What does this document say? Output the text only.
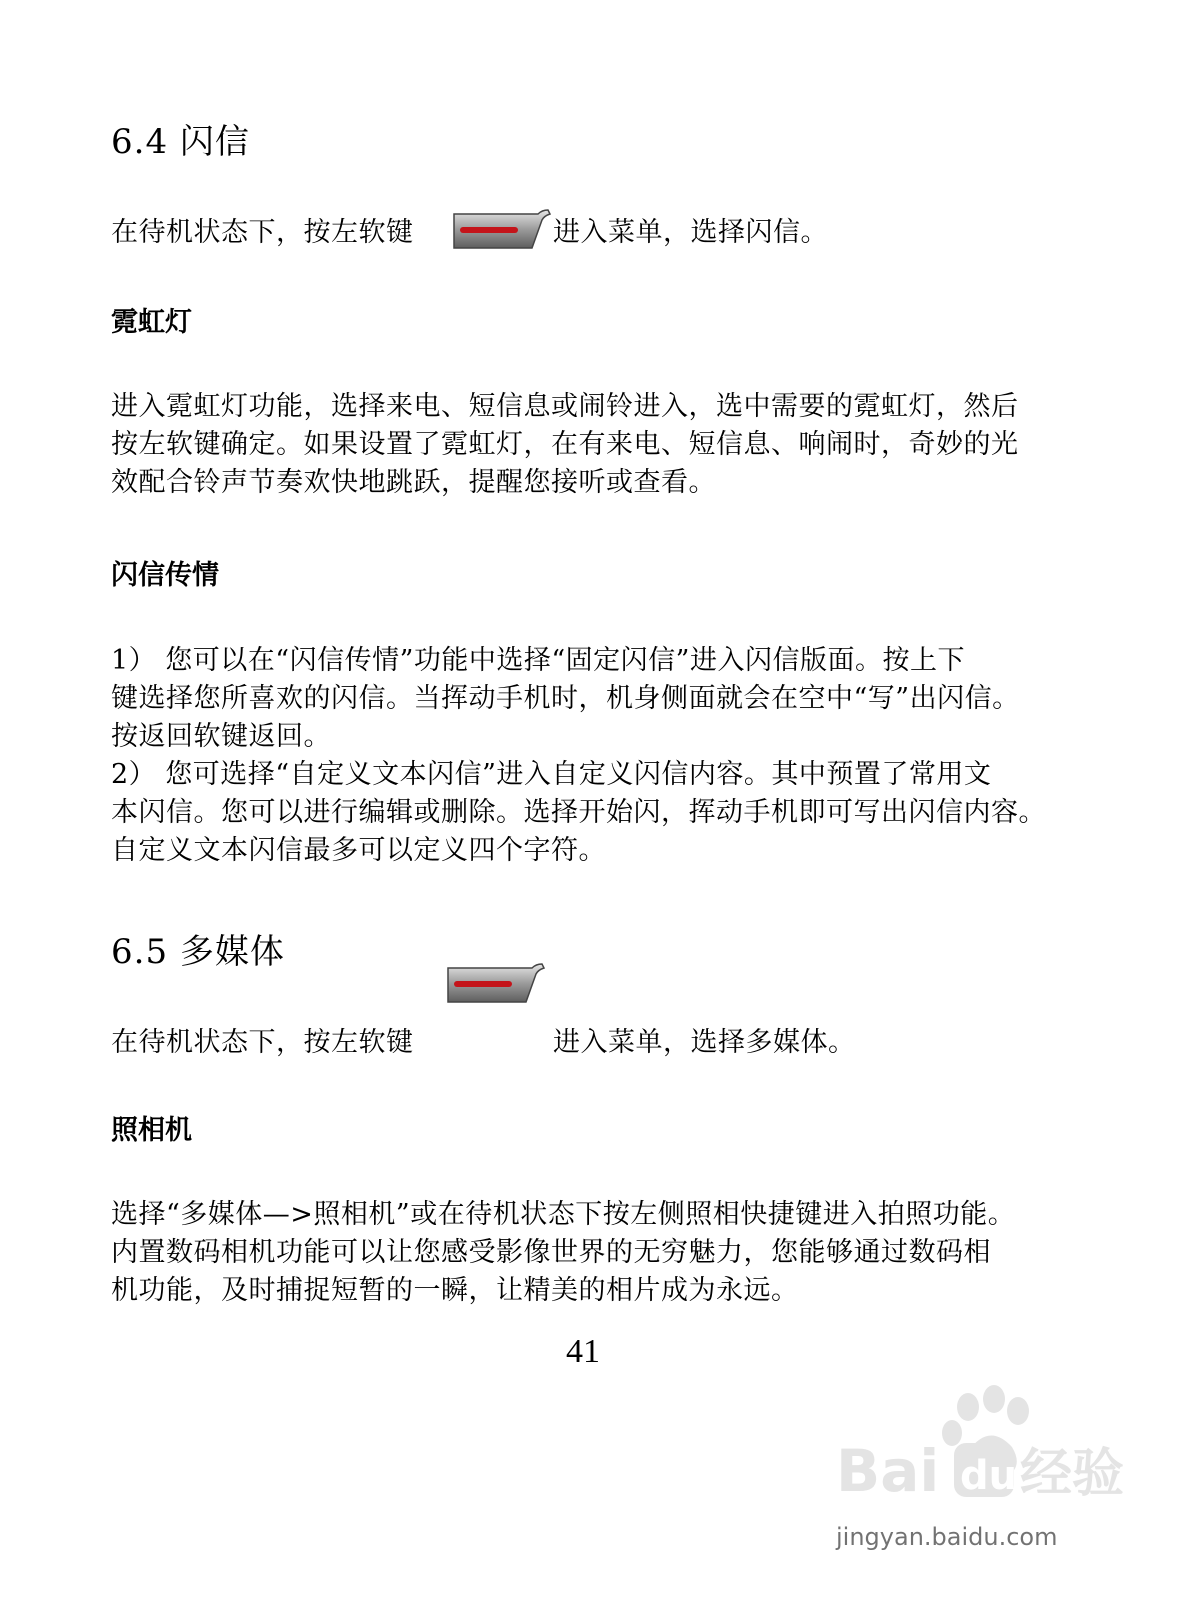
6.4 闪信
在待机状态下，按左软键	进入菜单，选择闪信。
霓虹灯
进入霓虹灯功能，选择来电、短信息或闹铃进入，选中需要的霓虹灯，然后
按左软键确定。如果设置了霓虹灯，在有来电、短信息、响闹时，奇妙的光
效配合铃声节奏欢快地跳跃，提醒您接听或查看。
闪信传情
1） 您可以在“闪信传情”功能中选择“固定闪信”进入闪信版面。按上下
键选择您所喜欢的闪信。当挥动手机时，机身侧面就会在空中“写”出闪信。
按返回软键返回。
2） 您可选择“自定义文本闪信”进入自定义闪信内容。其中预置了常用文
本闪信。您可以进行编辑或删除。选择开始闪，挥动手机即可写出闪信内容。
自定义文本闪信最多可以定义四个字符。
6.5 多媒体
在待机状态下，按左软键	进入菜单，选择多媒体。
照相机
选择“多媒体—>照相机”或在待机状态下按左侧照相快捷键进入拍照功能。
内置数码相机功能可以让您感受影像世界的无穷魅力，您能够通过数码相
机功能，及时捕捉短暂的一瞬，让精美的相片成为永远。
41
Bai du 经验
jingyan.baidu.com
